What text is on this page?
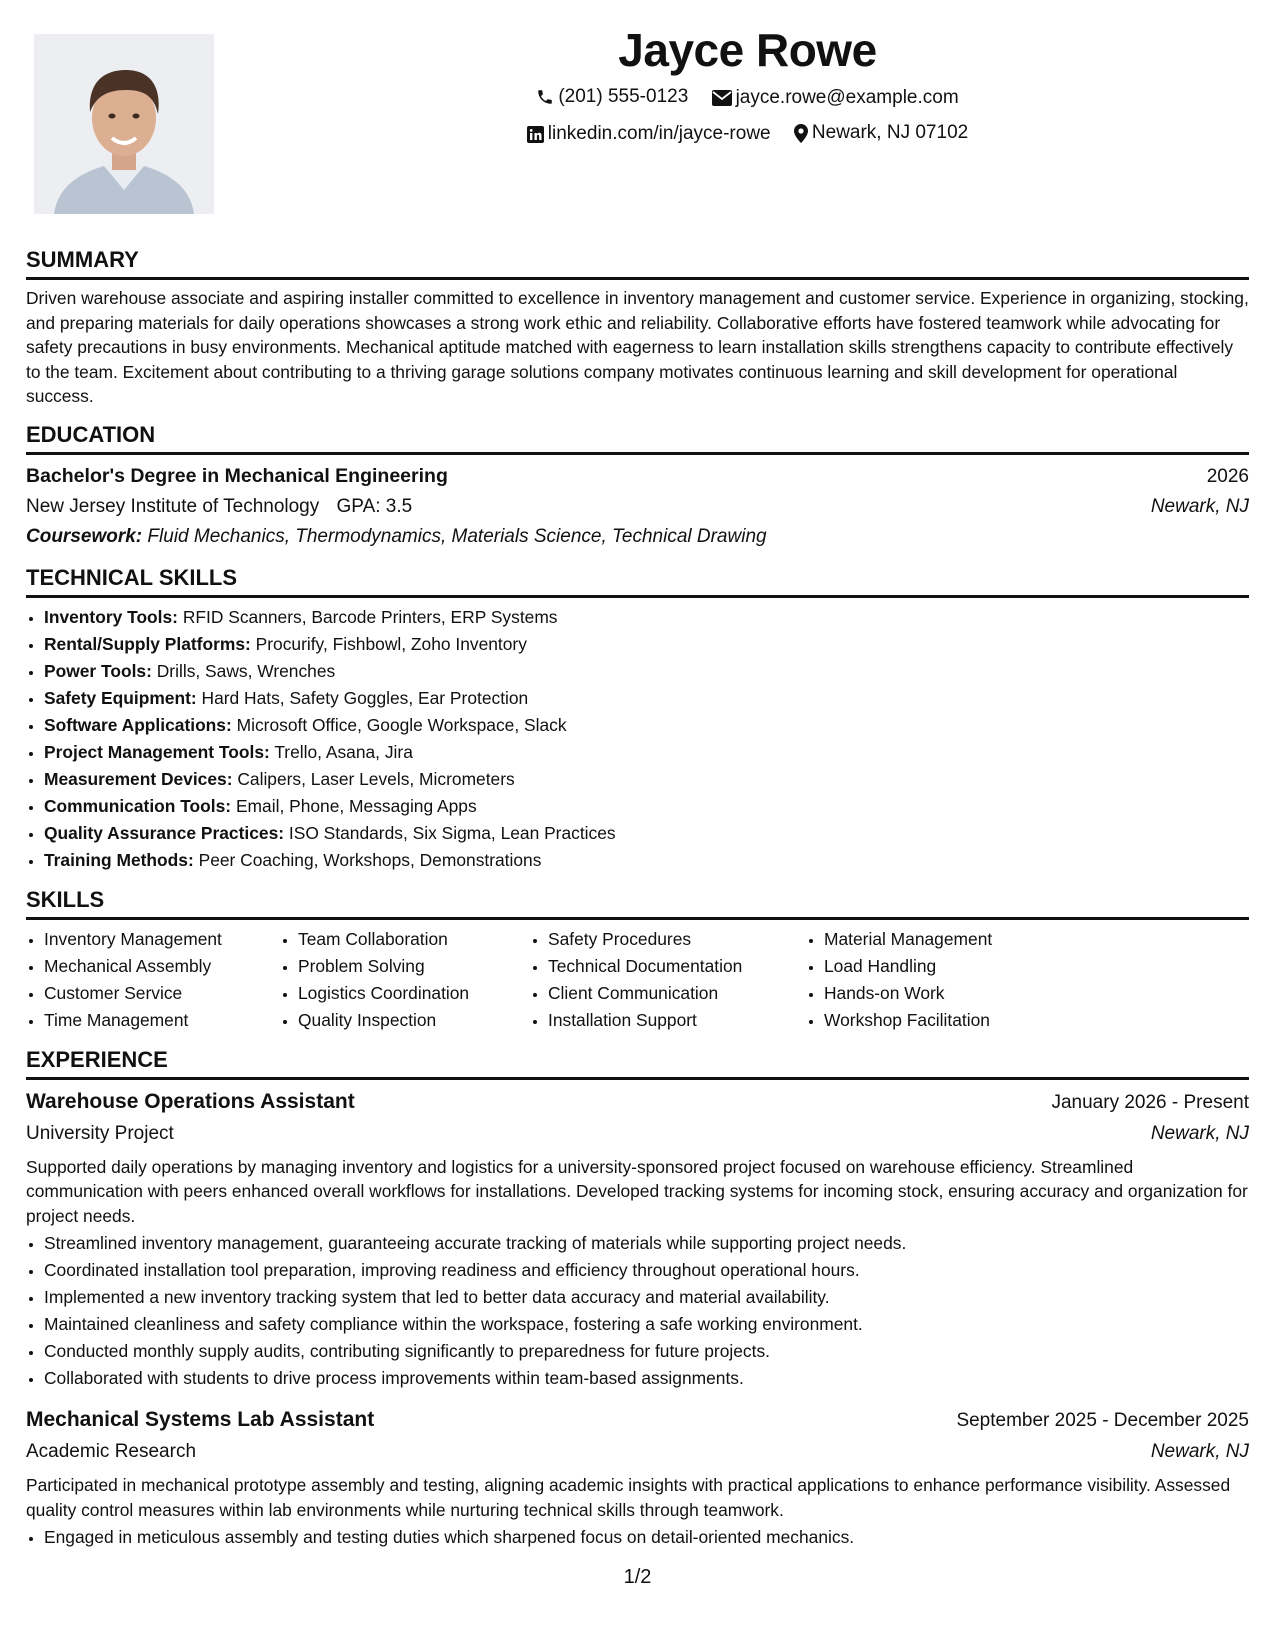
Jayce Rowe
(201) 555-0123
jayce.rowe@example.com
linkedin.com/in/jayce-rowe
Newark, NJ 07102
SUMMARY

Driven warehouse associate and aspiring installer committed to excellence in inventory management and customer service. Experience in organizing, stocking, and preparing materials for daily operations showcases a strong work ethic and reliability. Collaborative efforts have fostered teamwork while advocating for safety precautions in busy environments. Mechanical aptitude matched with eagerness to learn installation skills strengthens capacity to contribute effectively to the team. Excitement about contributing to a thriving garage solutions company motivates continuous learning and skill development for operational success.

EDUCATION
Bachelor's Degree in Mechanical Engineering	2026
New Jersey Institute of Technology GPA: 3.5	Newark, NJ
Coursework: Fluid Mechanics, Thermodynamics, Materials Science, Technical Drawing
TECHNICAL SKILLS
• Inventory Tools: RFID Scanners, Barcode Printers, ERP Systems
• Rental/Supply Platforms: Procurify, Fishbowl, Zoho Inventory
• Power Tools: Drills, Saws, Wrenches
• Safety Equipment: Hard Hats, Safety Goggles, Ear Protection
• Software Applications: Microsoft Office, Google Workspace, Slack
• Project Management Tools: Trello, Asana, Jira
• Measurement Devices: Calipers, Laser Levels, Micrometers
• Communication Tools: Email, Phone, Messaging Apps
• Quality Assurance Practices: ISO Standards, Six Sigma, Lean Practices
• Training Methods: Peer Coaching, Workshops, Demonstrations
SKILLS
• Inventory Management
• Mechanical Assembly
• Customer Service
• Time Management
• Team Collaboration
• Problem Solving
• Logistics Coordination
• Quality Inspection
• Safety Procedures
• Technical Documentation
• Client Communication
• Installation Support
• Material Management
• Load Handling
• Hands-on Work
• Workshop Facilitation
EXPERIENCE
Warehouse Operations Assistant	January 2026 - Present
University Project	Newark, NJ

Supported daily operations by managing inventory and logistics for a university-sponsored project focused on warehouse efficiency. Streamlined communication with peers enhanced overall workflows for installations. Developed tracking systems for incoming stock, ensuring accuracy and organization for project needs.

• Streamlined inventory management, guaranteeing accurate tracking of materials while supporting project needs.
• Coordinated installation tool preparation, improving readiness and efficiency throughout operational hours.
• Implemented a new inventory tracking system that led to better data accuracy and material availability.
• Maintained cleanliness and safety compliance within the workspace, fostering a safe working environment.
• Conducted monthly supply audits, contributing significantly to preparedness for future projects.
• Collaborated with students to drive process improvements within team-based assignments.
Mechanical Systems Lab Assistant	September 2025 - December 2025
Academic Research	Newark, NJ

Participated in mechanical prototype assembly and testing, aligning academic insights with practical applications to enhance performance visibility. Assessed quality control measures within lab environments while nurturing technical skills through teamwork.

• Engaged in meticulous assembly and testing duties which sharpened focus on detail-oriented mechanics.
1/2
